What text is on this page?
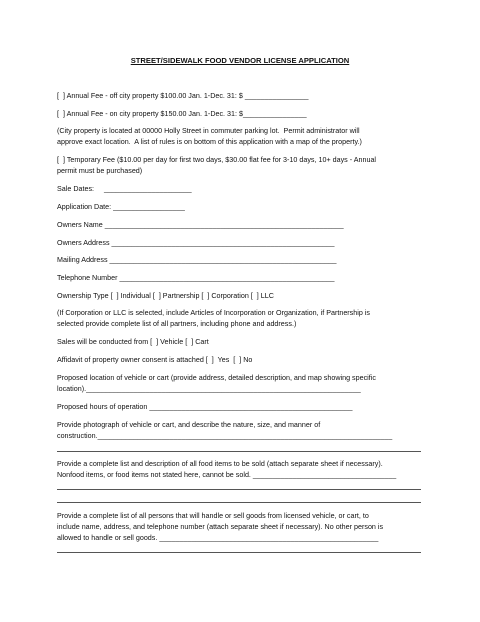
STREET/SIDEWALK FOOD VENDOR LICENSE APPLICATION
[  ] Annual Fee - off city property $100.00 Jan. 1-Dec. 31: $ ________________
[  ] Annual Fee - on city property $150.00 Jan. 1-Dec. 31: $________________
(City property is located at 00000 Holly Street in commuter parking lot.  Permit administrator will
approve exact location.  A list of rules is on bottom of this application with a map of the property.)
[  ] Temporary Fee ($10.00 per day for first two days, $30.00 flat fee for 3-10 days, 10+ days - Annual
permit must be purchased)
Sale Dates:     ______________________
Application Date: __________________
Owners Name ____________________________________________________________
Owners Address ________________________________________________________
Mailing Address _________________________________________________________
Telephone Number ______________________________________________________
Ownership Type [  ] Individual [  ] Partnership [  ] Corporation [  ] LLC
(If Corporation or LLC is selected, include Articles of Incorporation or Organization, if Partnership is
selected provide complete list of all partners, including phone and address.)
Sales will be conducted from [  ] Vehicle [  ] Cart
Affidavit of property owner consent is attached [  ]  Yes  [  ] No
Proposed location of vehicle or cart (provide address, detailed description, and map showing specific
location)._____________________________________________________________________
Proposed hours of operation ___________________________________________________
Provide photograph of vehicle or cart, and describe the nature, size, and manner of
construction.__________________________________________________________________________
Provide a complete list and description of all food items to be sold (attach separate sheet if necessary).
Nonfood items, or food items not stated here, cannot be sold. ____________________________________
Provide a complete list of all persons that will handle or sell goods from licensed vehicle, or cart, to
include name, address, and telephone number (attach separate sheet if necessary). No other person is
allowed to handle or sell goods. _______________________________________________________
